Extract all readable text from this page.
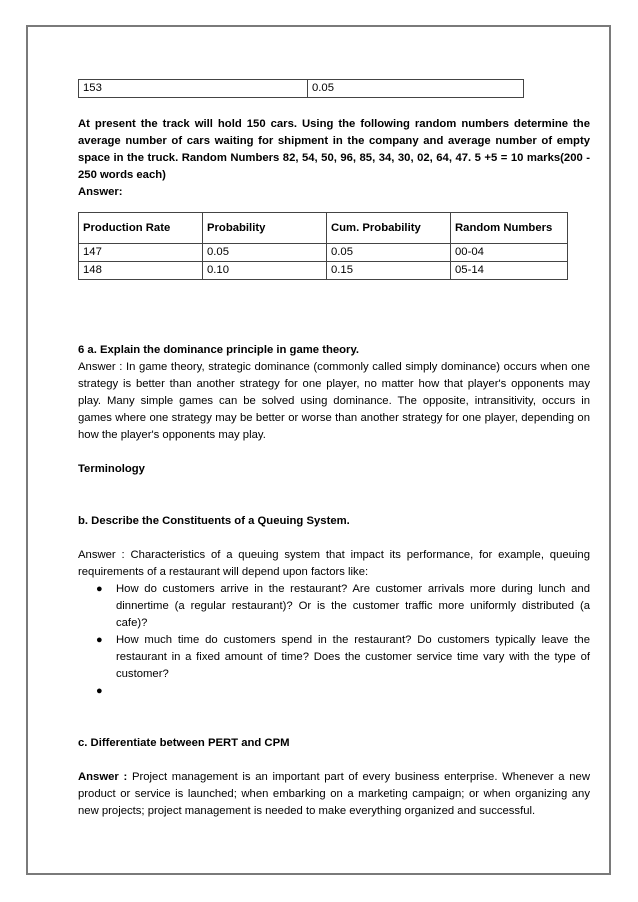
153	0.05

At present the track will hold 150 cars. Using the following random numbers determine the average number of cars waiting for shipment in the company and average number of empty space in the truck. Random Numbers 82, 54, 50, 96, 85, 34, 30, 02, 64, 47. 5 +5 = 10 marks(200 - 250 words each)

Answer:

Production Rate	Probability	Cum. Probability	Random Numbers
147	0.05	0.05	00-04
148	0.10	0.15	05-14

6 a. Explain the dominance principle in game theory.

Answer : In game theory, strategic dominance (commonly called simply dominance) occurs when one strategy is better than another strategy for one player, no matter how that player's opponents may play. Many simple games can be solved using dominance. The opposite, intransitivity, occurs in games where one strategy may be better or worse than another strategy for one player, depending on how the player's opponents may play.

Terminology

b. Describe the Constituents of a Queuing System.

Answer : Characteristics of a queuing system that impact its performance, for example, queuing requirements of a restaurant will depend upon factors like:

● How do customers arrive in the restaurant? Are customer arrivals more during lunch and dinnertime (a regular restaurant)? Or is the customer traffic more uniformly distributed (a cafe)?
● How much time do customers spend in the restaurant? Do customers typically leave the restaurant in a fixed amount of time? Does the customer service time vary with the type of customer?
●

c. Differentiate between PERT and CPM

Answer : Project management is an important part of every business enterprise. Whenever a new product or service is launched; when embarking on a marketing campaign; or when organizing any new projects; project management is needed to make everything organized and successful.
